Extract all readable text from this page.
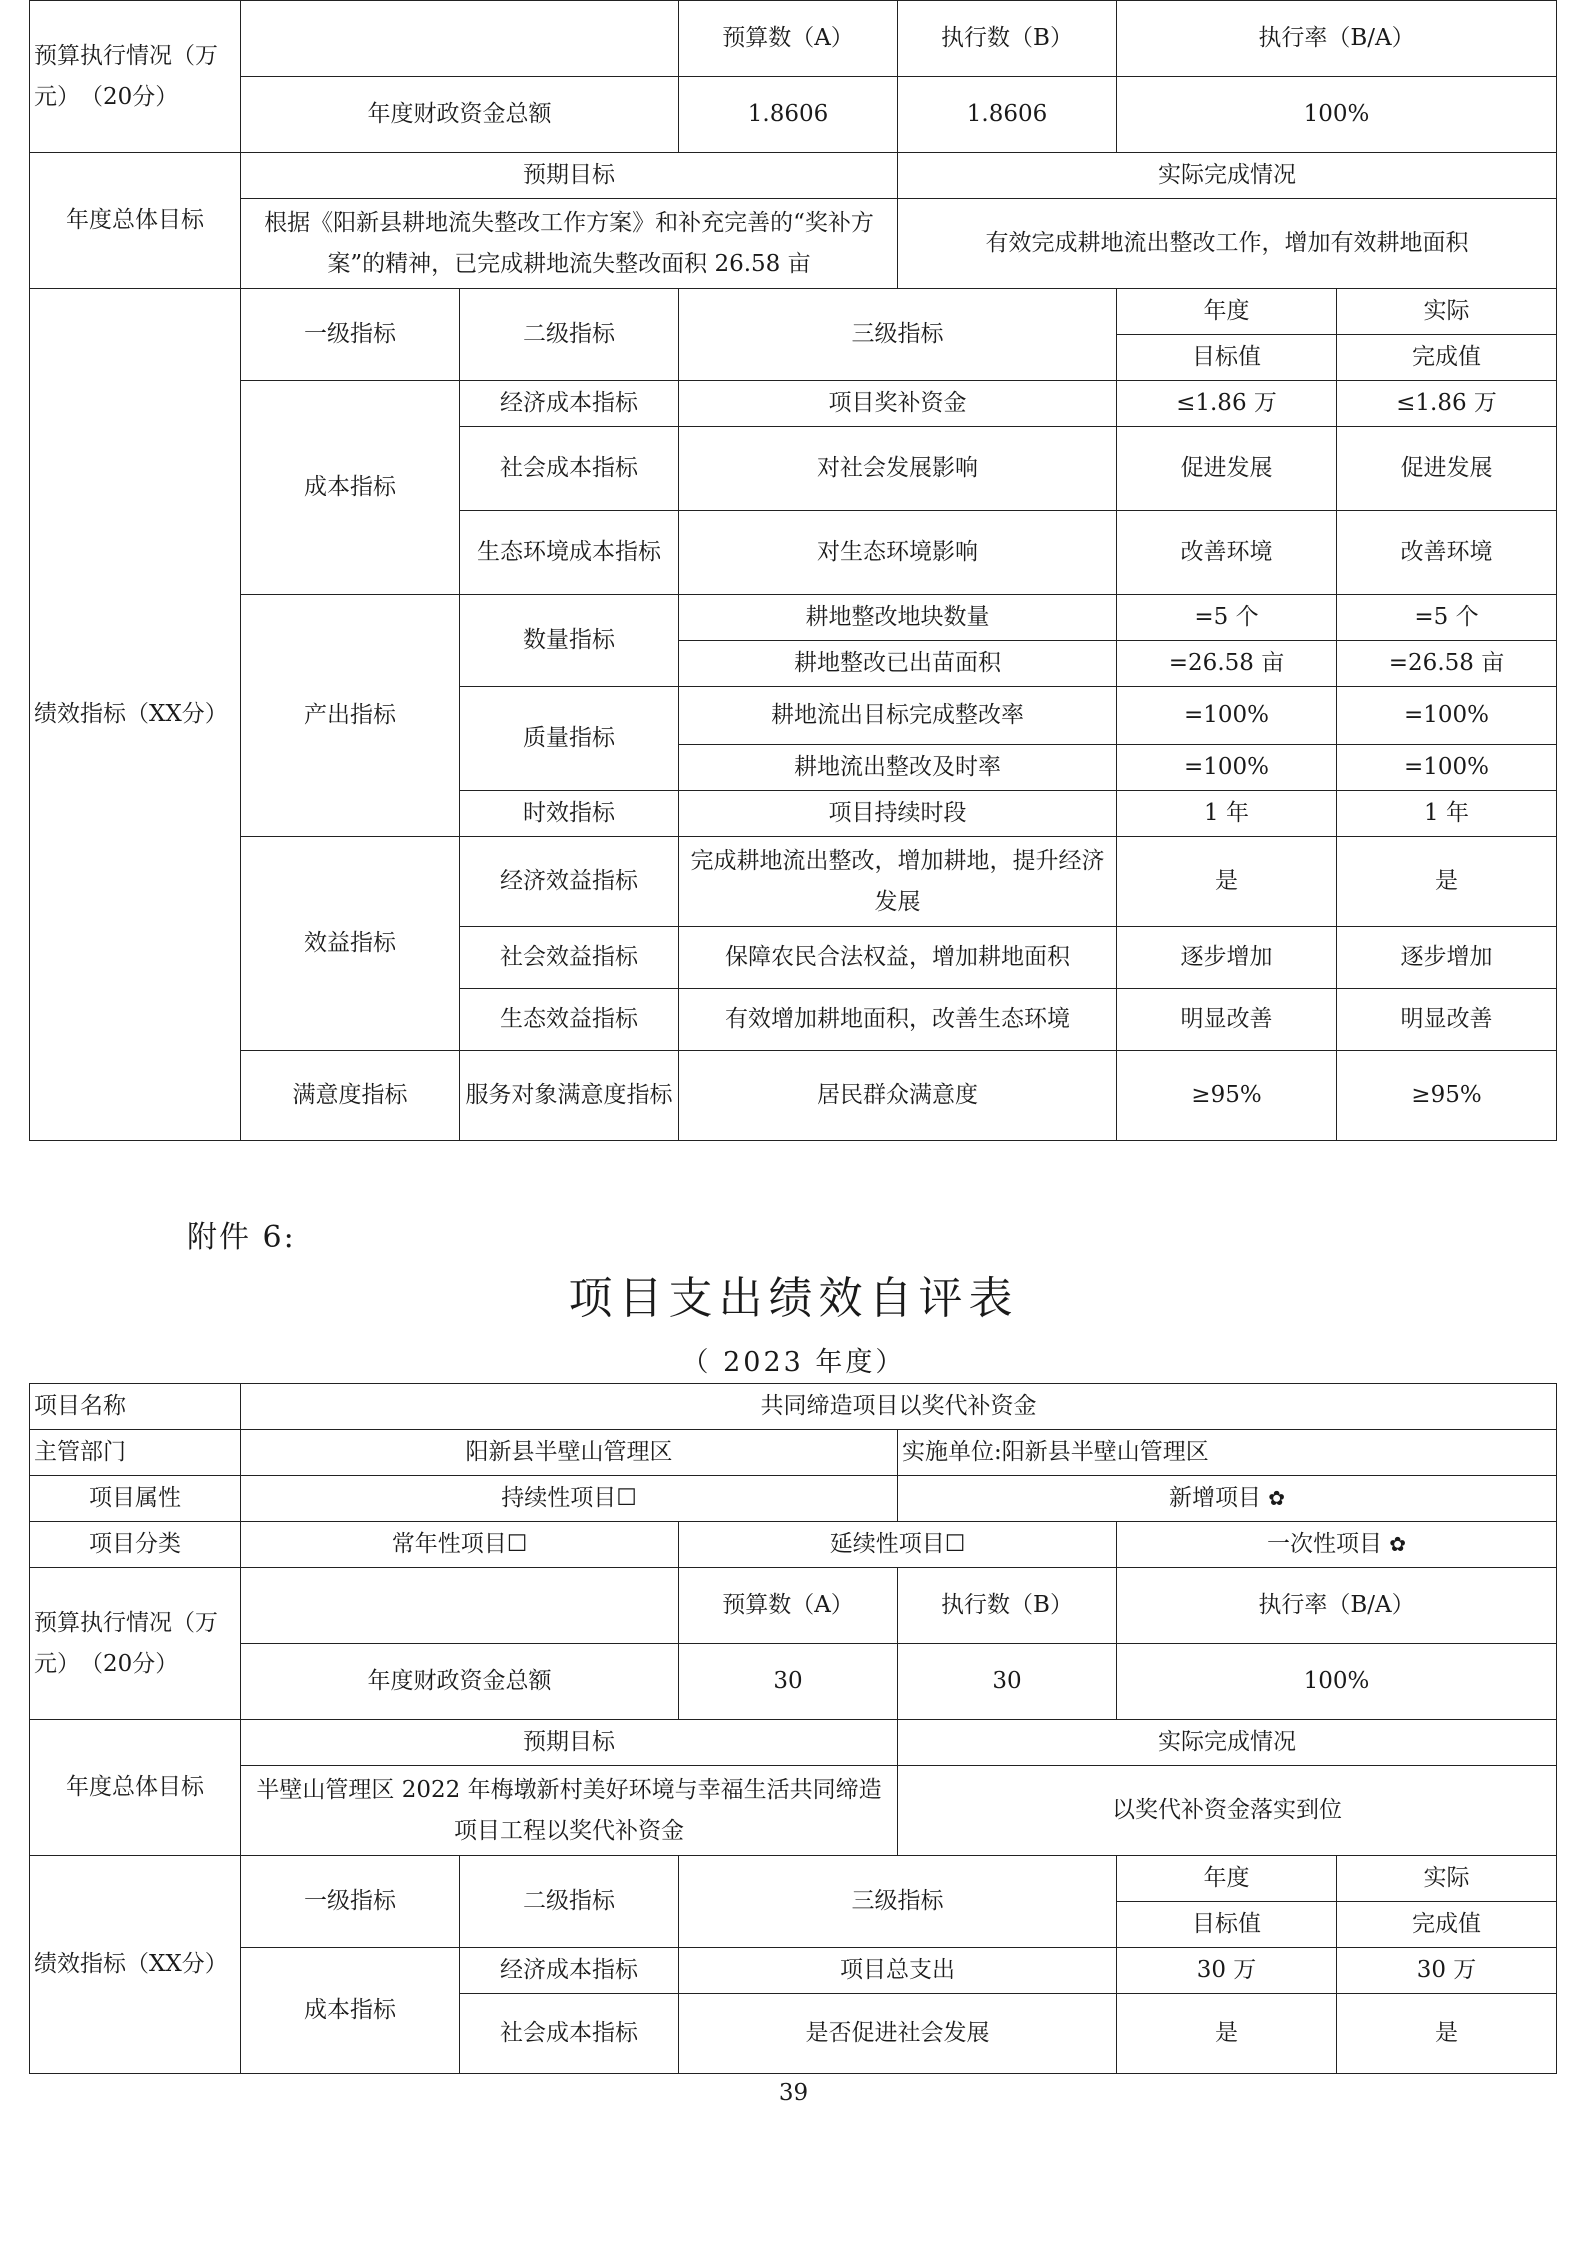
预算执行情况（万元）　（20分）			预算数（A）	执行数（B）	执行率（B/A）	
	年度财政资金总额		1.8606	1.8606	100%	
年度总体目标	预期目标			实际完成情况		
	根据《阳新县耕地流失整改工作方案》和补充完善的“奖补方案”的精神，已完成耕地流失整改面积 26.58 亩			有效完成耕地流出整改工作，增加有效耕地面积		
绩效指标（XX分）	一级指标	二级指标	三级指标		年度	实际
					目标值	完成值
	成本指标	经济成本指标	项目奖补资金		≤1.86 万	≤1.86 万
		社会成本指标	对社会发展影响		促进发展	促进发展
		生态环境成本指标	对生态环境影响		改善环境	改善环境
	产出指标	数量指标	耕地整改地块数量		=5 个	=5 个
			耕地整改已出苗面积		=26.58 亩	=26.58 亩
		质量指标	耕地流出目标完成整改率		=100%	=100%
			耕地流出整改及时率		=100%	=100%
		时效指标	项目持续时段		1 年	1 年
	效益指标	经济效益指标	完成耕地流出整改，增加耕地，提升经济发展		是	是
		社会效益指标	保障农民合法权益，增加耕地面积		逐步增加	逐步增加
		生态效益指标	有效增加耕地面积，改善生态环境		明显改善	明显改善
	满意度指标	服务对象满意度指标	居民群众满意度		≥95%	≥95%
附件 6:
项目支出绩效自评表
（ 2023 年度）
项目名称	共同缔造项目以奖代补资金					
主管部门	阳新县半壁山管理区			实施单位:阳新县半壁山管理区		
项目属性	持续性项目☐			新增项目 ✿		
项目分类	常年性项目☐		延续性项目☐		一次性项目 ✿	
预算执行情况（万元）　（20分）			预算数（A）	执行数（B）	执行率（B/A）	
	年度财政资金总额		30	30	100%	
年度总体目标	预期目标			实际完成情况		
	半壁山管理区 2022 年梅墩新村美好环境与幸福生活共同缔造项目工程以奖代补资金			以奖代补资金落实到位		
绩效指标（XX分）	一级指标	二级指标	三级指标		年度	实际
					目标值	完成值
	成本指标	经济成本指标	项目总支出		30 万	30 万
		社会成本指标	是否促进社会发展		是	是
39
